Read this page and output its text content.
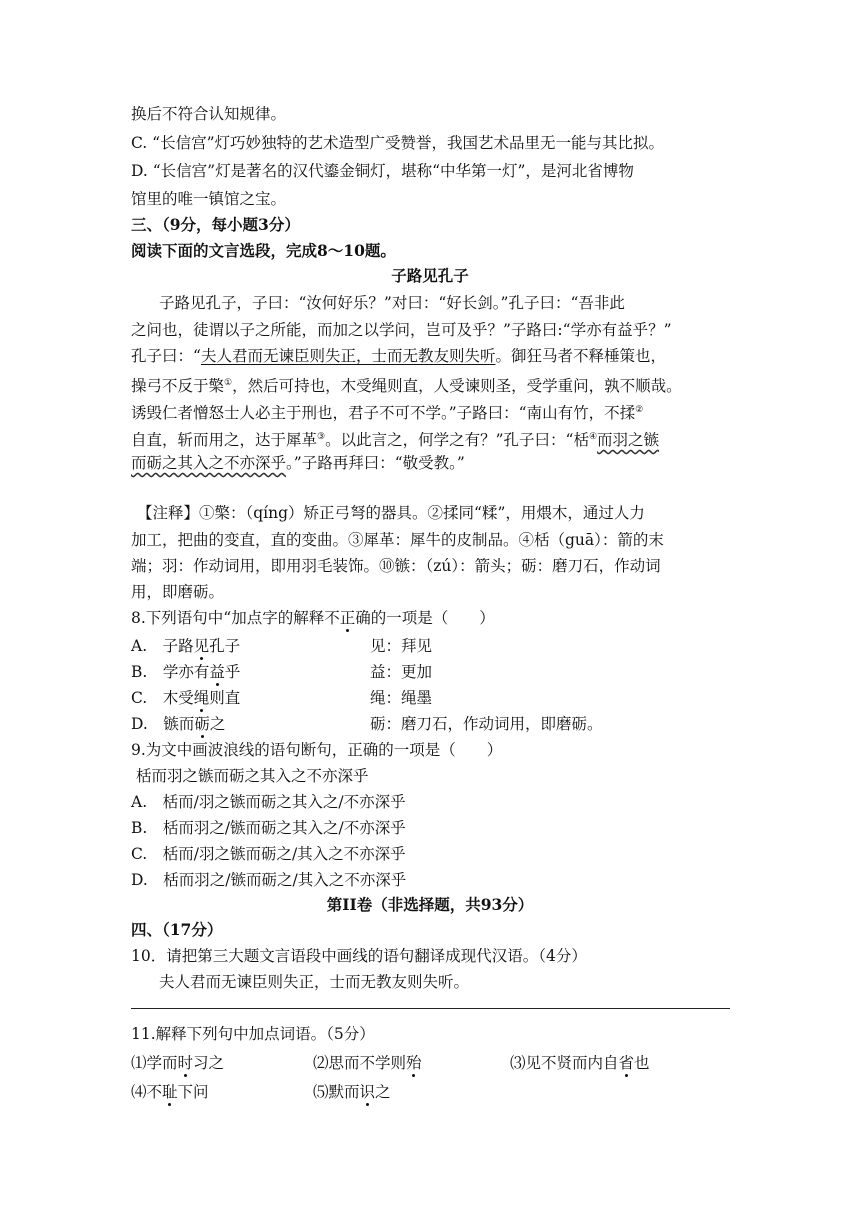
换后不符合认知规律。
C. “长信宫”灯巧妙独特的艺术造型广受赞誉，我国艺术品里无一能与其比拟。
D. “长信宫”灯是著名的汉代鎏金铜灯，堪称“中华第一灯”，是河北省博物
馆里的唯一镇馆之宝。
三、（9分，每小题3分）
阅读下面的文言选段，完成8～10题。
子路见孔子
子路见孔子，子曰：“汝何好乐？”对曰：“好长剑。”孔子曰：“吾非此
之问也，徒谓以子之所能，而加之以学问，岂可及乎？”子路曰:“学亦有益乎？”
孔子曰：“夫人君而无谏臣则失正，士而无教友则失听。御狂马者不释棰策也，
操弓不反于檠①，然后可持也，木受绳则直，人受谏则圣，受学重问，孰不顺哉。
诱毁仁者憎怒士人必主于刑也，君子不可不学。”子路曰：“南山有竹，不揉②
自直，斩而用之，达于犀革③。以此言之，何学之有？”孔子曰：“栝④而羽之镞
而砺之其入之不亦深乎。”子路再拜曰：“敬受教。”
【注释】①檠：（qíng）矫正弓弩的器具。②揉同“糅”，用煨木，通过人力
加工，把曲的变直，直的变曲。③犀革：犀牛的皮制品。④栝（guā）：箭的末
端；羽：作动词用，即用羽毛装饰。⑩镞：（zú）：箭头；砺：磨刀石，作动词
用，即磨砺。
8.下列语句中“加点字的解释不正确的一项是（　　）
A.　子路见孔子	见：拜见
B.　学亦有益乎	益：更加
C.　木受绳则直	绳：绳墨
D.　镞而砺之	砺：磨刀石，作动词用，即磨砺。
9.为文中画波浪线的语句断句，正确的一项是（　　）
栝而羽之镞而砺之其入之不亦深乎
A.　栝而/羽之镞而砺之其入之/不亦深乎
B.　栝而羽之/镞而砺之其入之/不亦深乎
C.　栝而/羽之镞而砺之/其入之不亦深乎
D.　栝而羽之/镞而砺之/其入之不亦深乎
第II卷（非选择题，共93分）
四、（17分）
10．请把第三大题文言语段中画线的语句翻译成现代汉语。（4分）
夫人君而无谏臣则失正，士而无教友则失听。
11.解释下列句中加点词语。（5分）
⑴学而时习之	⑵思而不学则殆	⑶见不贤而内自省也
⑷不耻下问	⑸默而识之
